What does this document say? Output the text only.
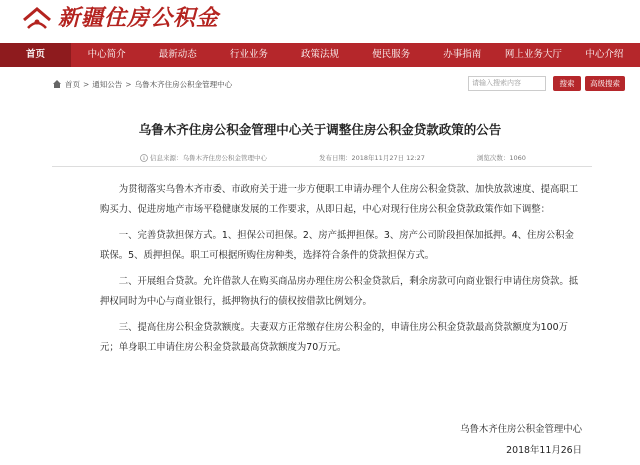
新疆住房公积金
首页	中心简介	最新动态	行业业务	政策法规	便民服务	办事指南	网上业务大厅	中心介绍
首页 > 通知公告 > 乌鲁木齐住房公积金管理中心	请输入搜索内容	搜索	高级搜索
乌鲁木齐住房公积金管理中心关于调整住房公积金贷款政策的公告
信息来源：乌鲁木齐住房公积金管理中心	发布日期：2018年11月27日 12:27	浏览次数：1060

为贯彻落实乌鲁木齐市委、市政府关于进一步方便职工申请办理个人住房公积金贷款、加快放款速度、提高职工购买力、促进房地产市场平稳健康发展的工作要求，从即日起，中心对现行住房公积金贷款政策作如下调整：

一、完善贷款担保方式。1、担保公司担保。2、房产抵押担保。3、房产公司阶段担保加抵押。4、住房公积金联保。5、质押担保。职工可根据所购住房种类，选择符合条件的贷款担保方式。

二、开展组合贷款。允许借款人在购买商品房办理住房公积金贷款后，剩余房款可向商业银行申请住房贷款。抵押权同时为中心与商业银行，抵押物执行的债权按借款比例划分。

三、提高住房公积金贷款额度。夫妻双方正常缴存住房公积金的，申请住房公积金贷款最高贷款额度为100万元；单身职工申请住房公积金贷款最高贷款额度为70万元。

乌鲁木齐住房公积金管理中心
2018年11月26日
